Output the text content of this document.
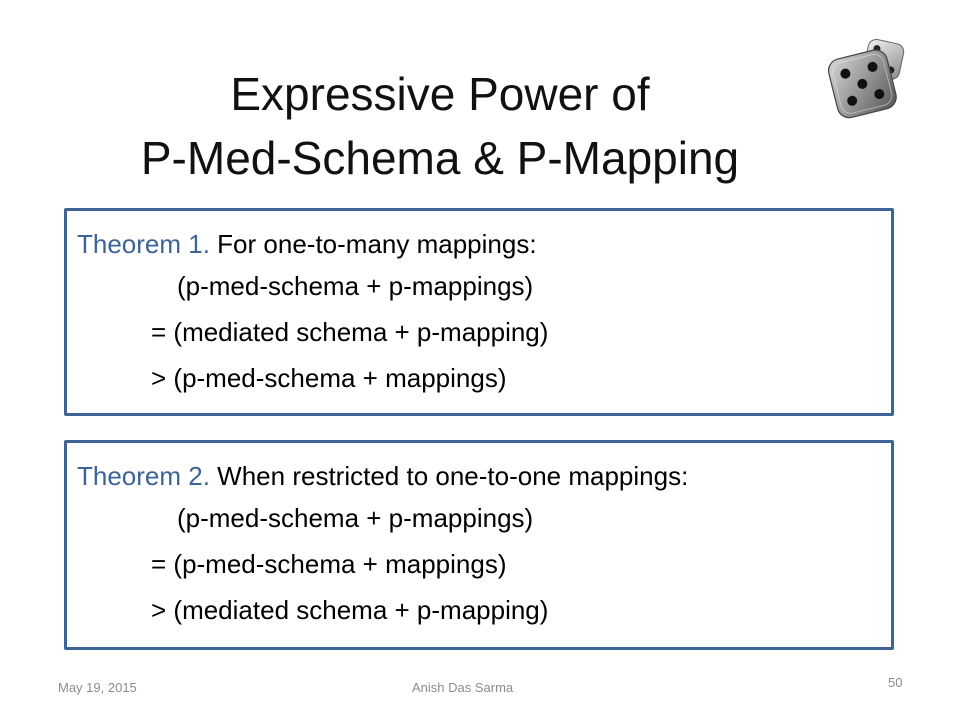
Expressive Power of
P-Med-Schema & P-Mapping
Theorem 1. For one-to-many mappings:
(p-med-schema + p-mappings)
= (mediated schema + p-mapping)
> (p-med-schema + mappings)
Theorem 2. When restricted to one-to-one mappings:
(p-med-schema + p-mappings)
= (p-med-schema + mappings)
> (mediated schema + p-mapping)
May 19, 2015	Anish Das Sarma	50
